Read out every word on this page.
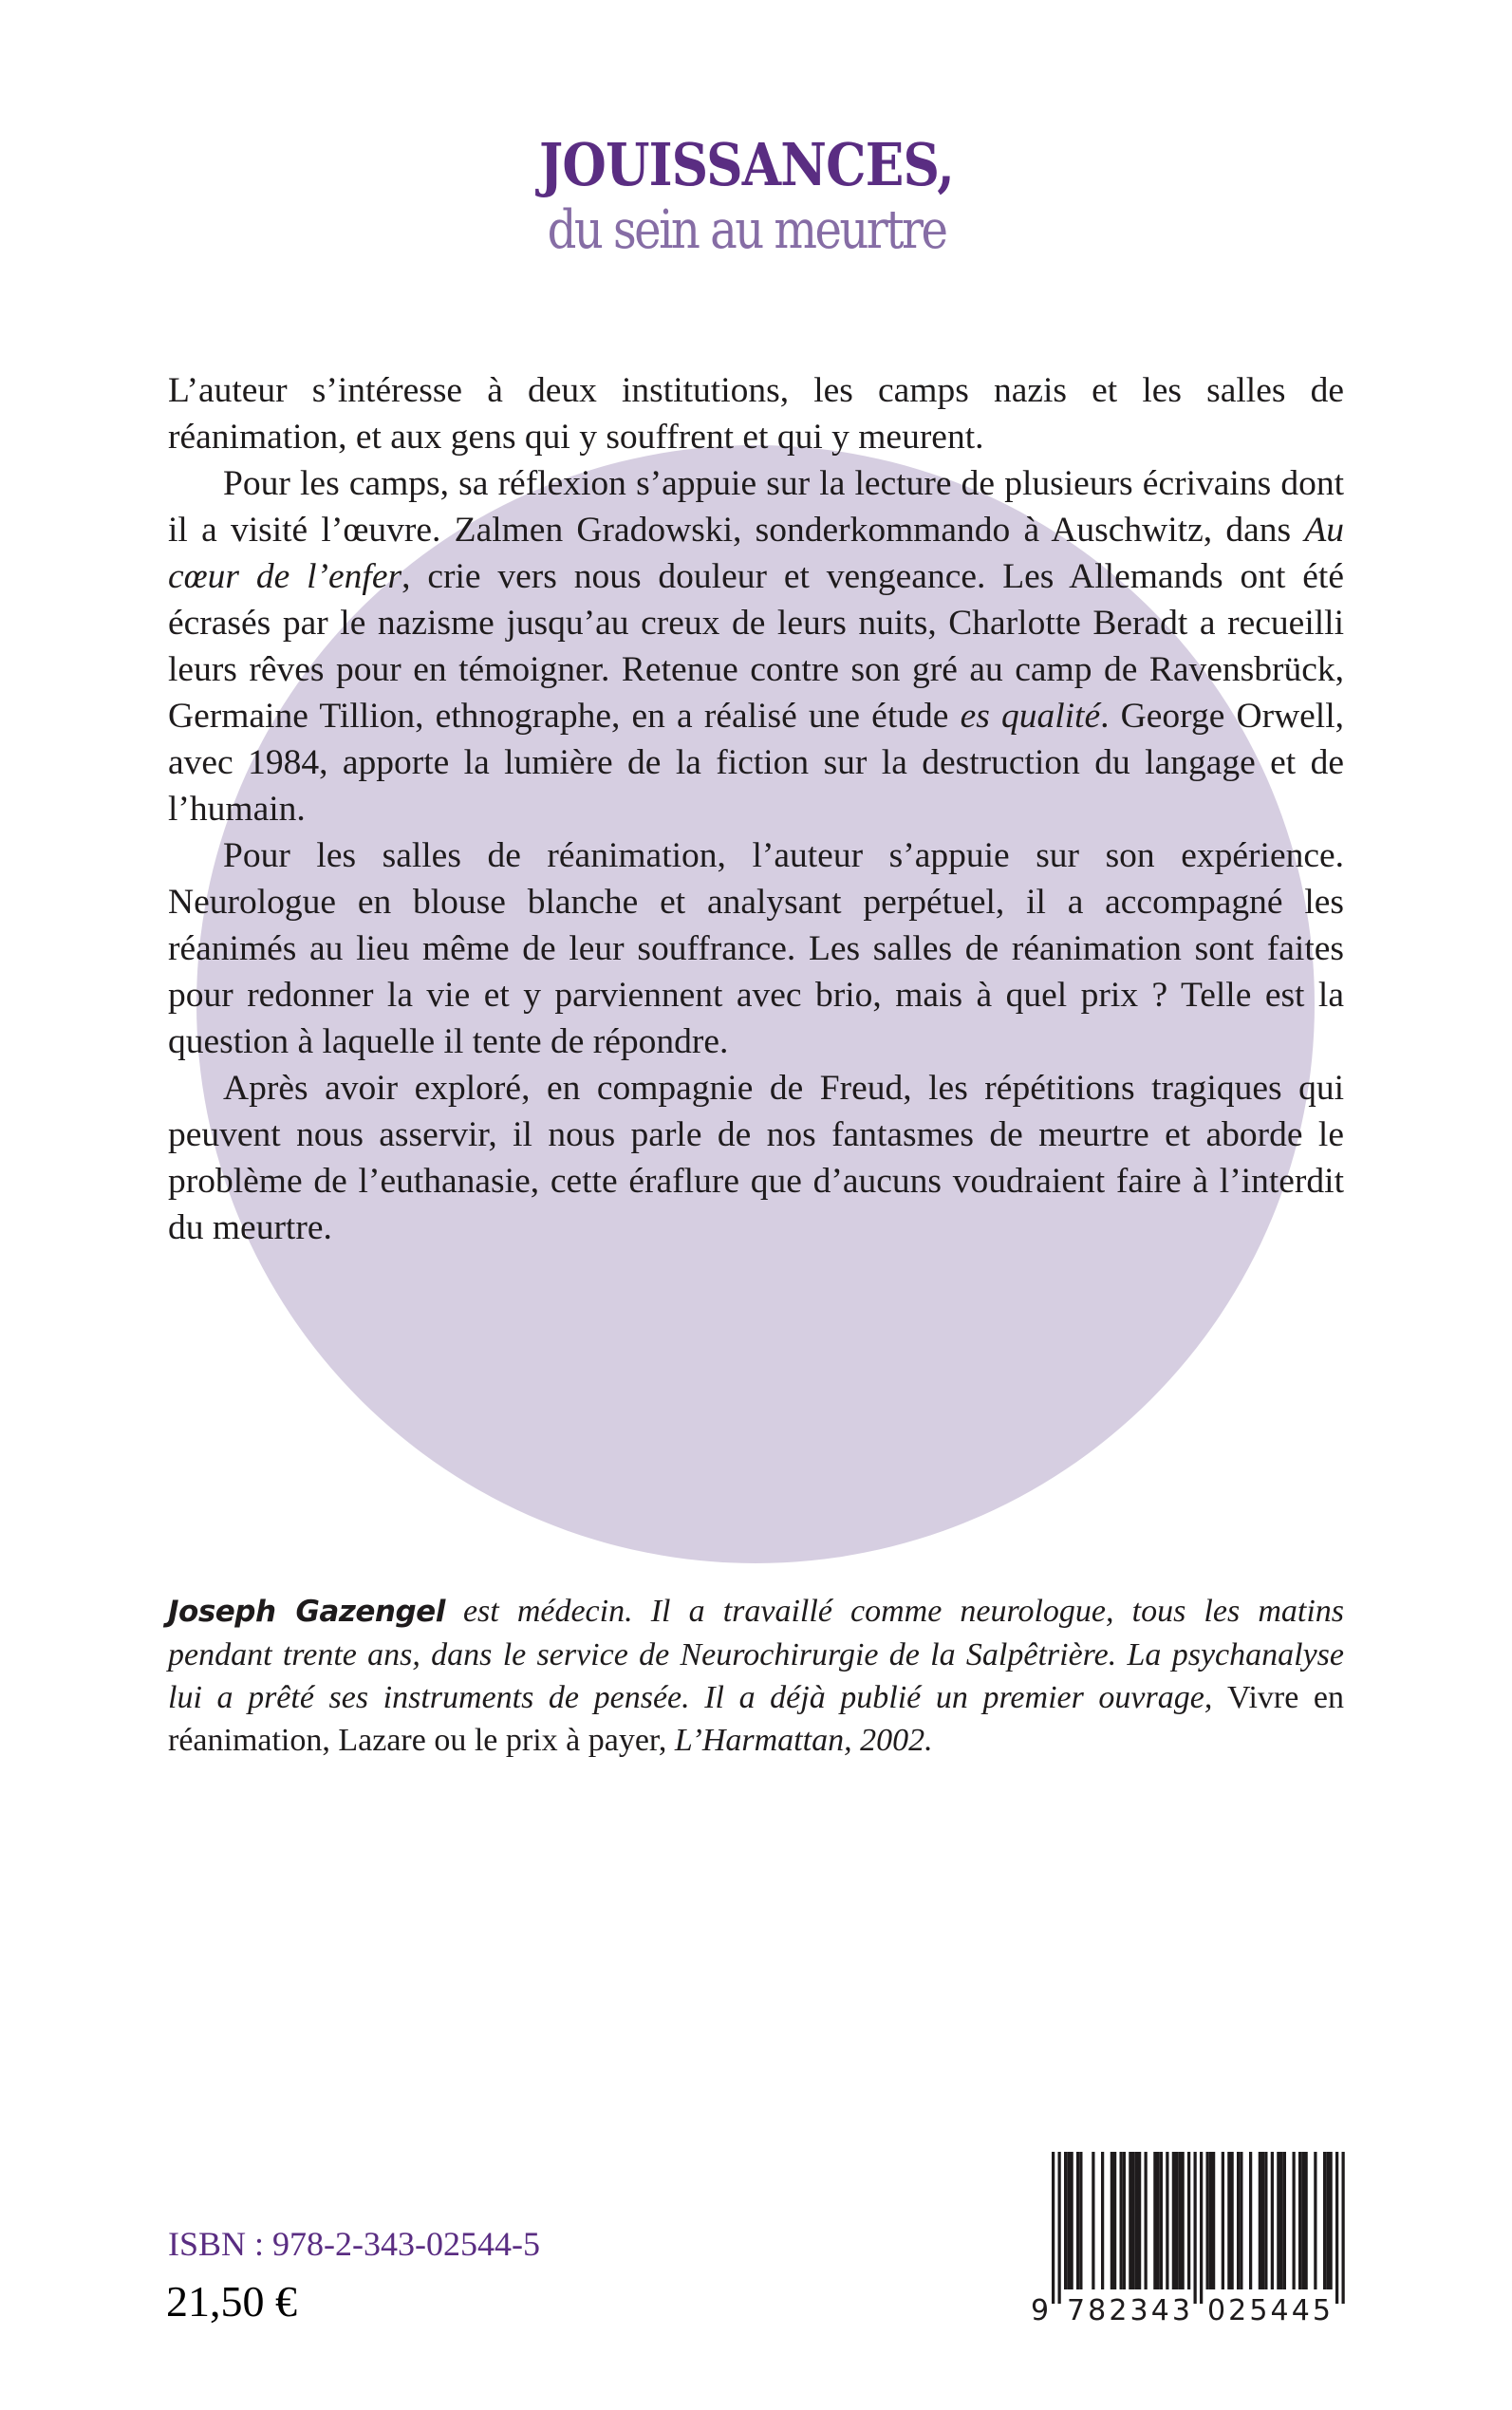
JOUISSANCES,
du sein au meurtre

L’auteur s’intéresse à deux institutions, les camps nazis et les salles de réanimation, et aux gens qui y souffrent et qui y meurent.

Pour les camps, sa réflexion s’appuie sur la lecture de plusieurs écrivains dont il a visité l’œuvre. Zalmen Gradowski, sonderkommando à Auschwitz, dans Au cœur de l’enfer, crie vers nous douleur et vengeance. Les Allemands ont été écrasés par le nazisme jusqu’au creux de leurs nuits, Charlotte Beradt a recueilli leurs rêves pour en témoigner. Retenue contre son gré au camp de Ravensbrück, Germaine Tillion, ethnographe, en a réalisé une étude es qualité. George Orwell, avec 1984, apporte la lumière de la fiction sur la destruction du langage et de l’humain.

Pour les salles de réanimation, l’auteur s’appuie sur son expérience. Neurologue en blouse blanche et analysant perpétuel, il a accompagné les réanimés au lieu même de leur souffrance. Les salles de réanimation sont faites pour redonner la vie et y parviennent avec brio, mais à quel prix ? Telle est la question à laquelle il tente de répondre.

Après avoir exploré, en compagnie de Freud, les répétitions tragiques qui peuvent nous asservir, il nous parle de nos fantasmes de meurtre et aborde le problème de l’euthanasie, cette éraflure que d’aucuns voudraient faire à l’interdit du meurtre.

Joseph Gazengel est médecin. Il a travaillé comme neurologue, tous les matins pendant trente ans, dans le service de Neurochirurgie de la Salpêtrière. La psychanalyse lui a prêté ses instruments de pensée. Il a déjà publié un premier ouvrage, Vivre en réanimation, Lazare ou le prix à payer, L’Harmattan, 2002.
ISBN : 978-2-343-02544-5
21,50 €	9 782343 025445
